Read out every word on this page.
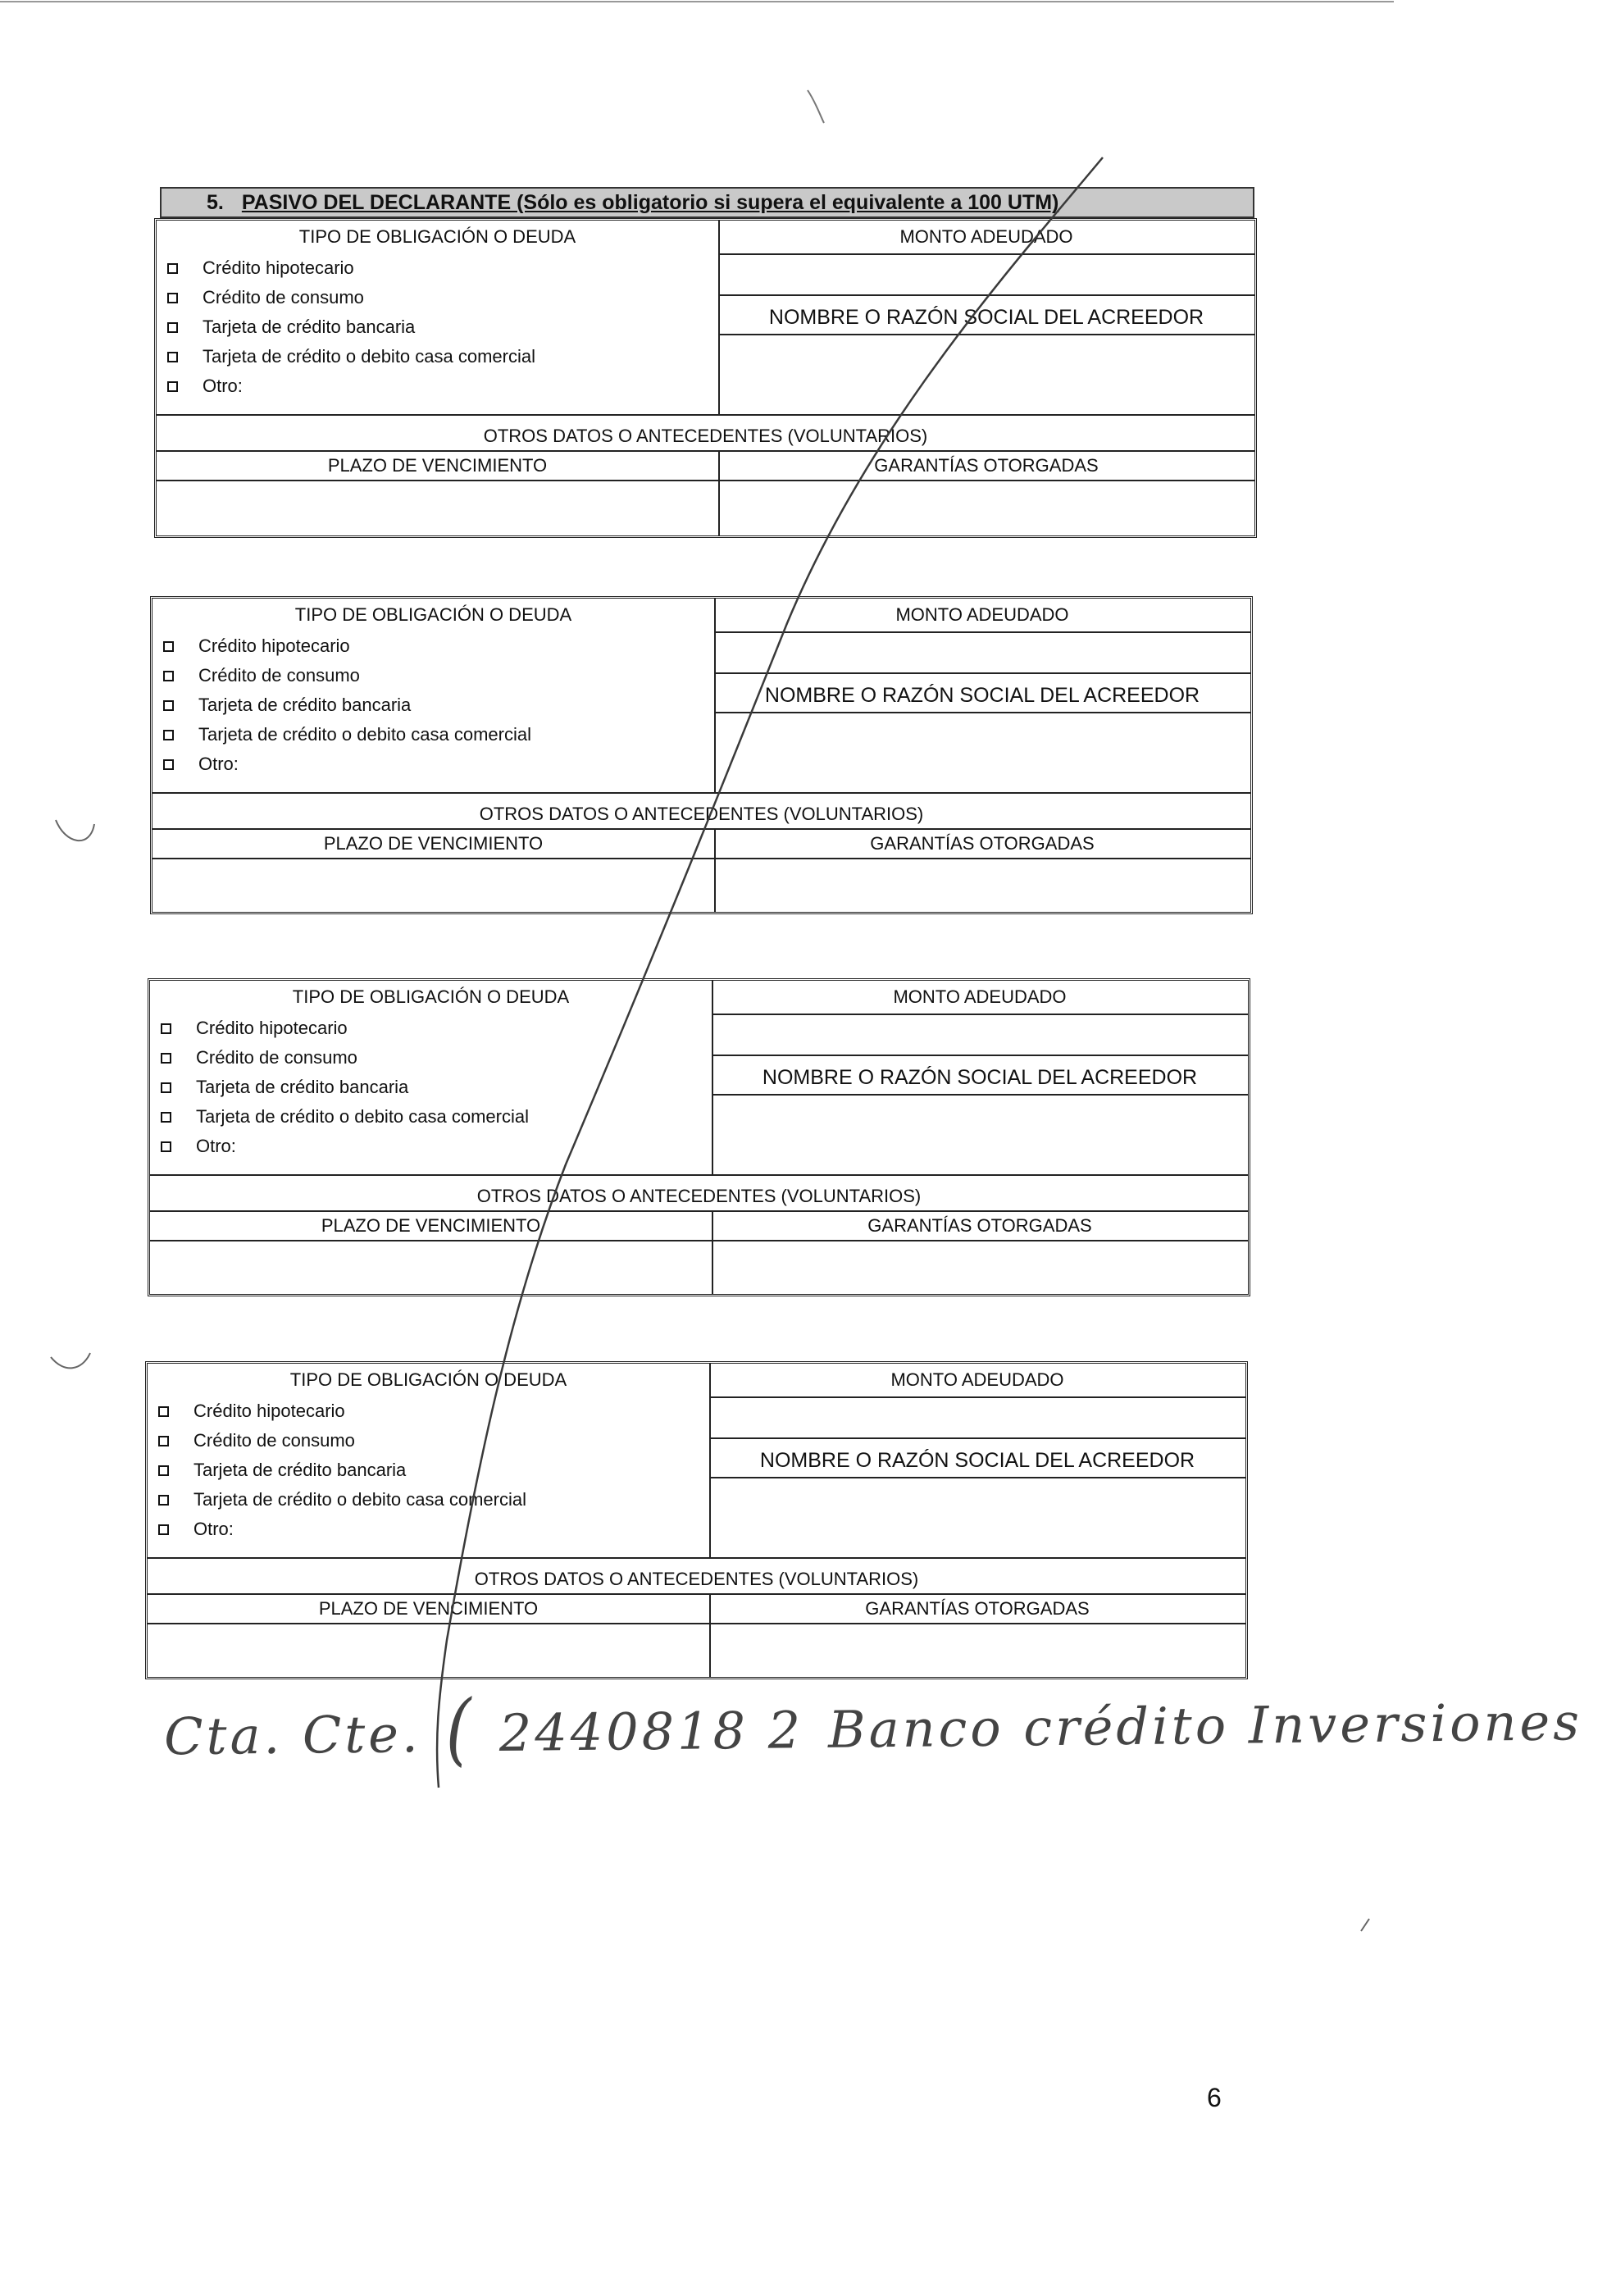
5. PASIVO DEL DECLARANTE (Sólo es obligatorio si supera el equivalente a 100 UTM)
TIPO DE OBLIGACIÓN O DEUDA
Crédito hipotecario
Crédito de consumo
Tarjeta de crédito bancaria
Tarjeta de crédito o debito casa comercial
Otro:
MONTO ADEUDADO
NOMBRE O RAZÓN SOCIAL DEL ACREEDOR
OTROS DATOS O ANTECEDENTES (VOLUNTARIOS)
PLAZO DE VENCIMIENTO	GARANTÍAS OTORGADAS
TIPO DE OBLIGACIÓN O DEUDA
Crédito hipotecario
Crédito de consumo
Tarjeta de crédito bancaria
Tarjeta de crédito o debito casa comercial
Otro:
MONTO ADEUDADO
NOMBRE O RAZÓN SOCIAL DEL ACREEDOR
OTROS DATOS O ANTECEDENTES (VOLUNTARIOS)
PLAZO DE VENCIMIENTO	GARANTÍAS OTORGADAS
TIPO DE OBLIGACIÓN O DEUDA
Crédito hipotecario
Crédito de consumo
Tarjeta de crédito bancaria
Tarjeta de crédito o debito casa comercial
Otro:
MONTO ADEUDADO
NOMBRE O RAZÓN SOCIAL DEL ACREEDOR
OTROS DATOS O ANTECEDENTES (VOLUNTARIOS)
PLAZO DE VENCIMIENTO	GARANTÍAS OTORGADAS
TIPO DE OBLIGACIÓN O DEUDA
Crédito hipotecario
Crédito de consumo
Tarjeta de crédito bancaria
Tarjeta de crédito o debito casa comercial
Otro:
MONTO ADEUDADO
NOMBRE O RAZÓN SOCIAL DEL ACREEDOR
OTROS DATOS O ANTECEDENTES (VOLUNTARIOS)
PLAZO DE VENCIMIENTO	GARANTÍAS OTORGADAS
Cta. Cte. ( 2440818 2 Banco crédito Inversiones
6
